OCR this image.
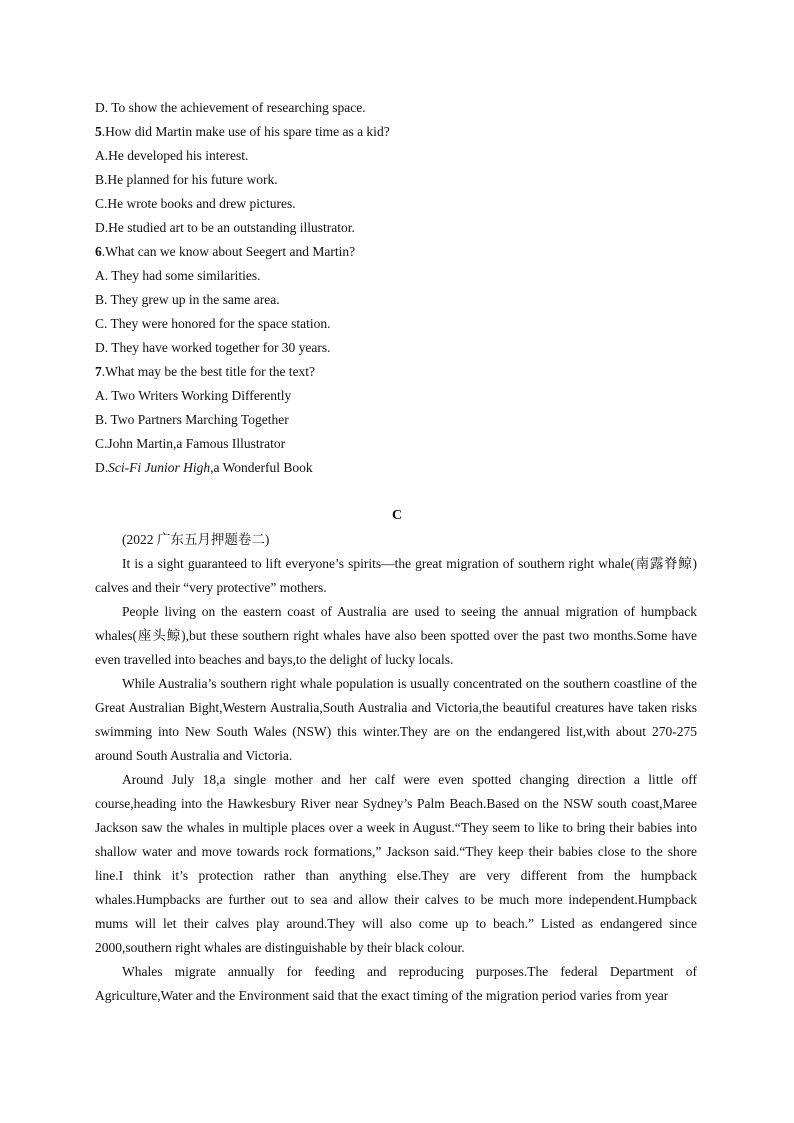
D. To show the achievement of researching space.
5.How did Martin make use of his spare time as a kid?
A.He developed his interest.
B.He planned for his future work.
C.He wrote books and drew pictures.
D.He studied art to be an outstanding illustrator.
6.What can we know about Seegert and Martin?
A. They had some similarities.
B. They grew up in the same area.
C. They were honored for the space station.
D. They have worked together for 30 years.
7.What may be the best title for the text?
A. Two Writers Working Differently
B. Two Partners Marching Together
C.John Martin,a Famous Illustrator
D.Sci-Fi Junior High,a Wonderful Book
C
(2022 广东五月押题卷二)
It is a sight guaranteed to lift everyone’s spirits—the great migration of southern right whale(南露脊鲸) calves and their “very protective” mothers.
People living on the eastern coast of Australia are used to seeing the annual migration of humpback whales(座头鲸),but these southern right whales have also been spotted over the past two months.Some have even travelled into beaches and bays,to the delight of lucky locals.
While Australia’s southern right whale population is usually concentrated on the southern coastline of the Great Australian Bight,Western Australia,South Australia and Victoria,the beautiful creatures have taken risks swimming into New South Wales (NSW) this winter.They are on the endangered list,with about 270-275 around South Australia and Victoria.
Around July 18,a single mother and her calf were even spotted changing direction a little off course,heading into the Hawkesbury River near Sydney’s Palm Beach.Based on the NSW south coast,Maree Jackson saw the whales in multiple places over a week in August.“They seem to like to bring their babies into shallow water and move towards rock formations,” Jackson said.“They keep their babies close to the shore line.I think it’s protection rather than anything else.They are very different from the humpback whales.Humpbacks are further out to sea and allow their calves to be much more independent.Humpback mums will let their calves play around.They will also come up to beach.” Listed as endangered since 2000,southern right whales are distinguishable by their black colour.
Whales migrate annually for feeding and reproducing purposes.The federal Department of Agriculture,Water and the Environment said that the exact timing of the migration period varies from year
